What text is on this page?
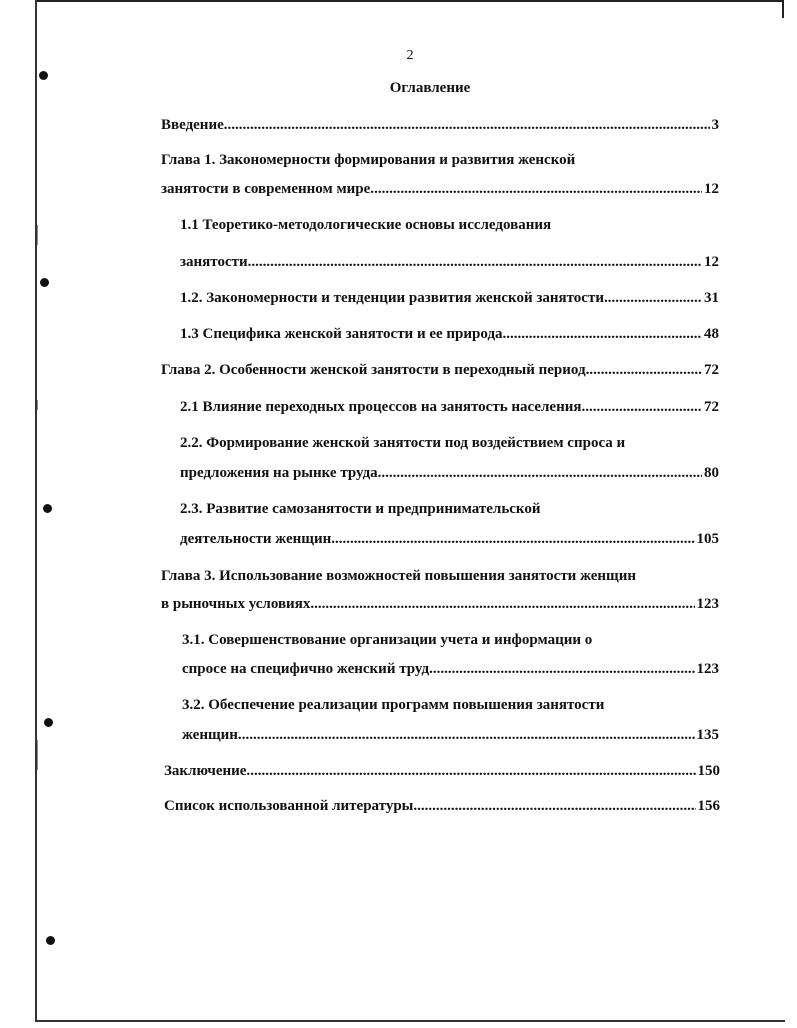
2
Оглавление
Введение .....	3
Глава 1. Закономерности формирования и развития женской
занятости в современном мире. .....	12
1.1 Теоретико-методологические основы исследования
занятости. .....	12
1.2. Закономерности и тенденции развития женской занятости. .....	31
1.3 Специфика женской занятости и ее природа. .....	48
Глава 2. Особенности женской занятости в переходный период .....	72
2.1 Влияние переходных процессов на занятость населения. .....	72
2.2. Формирование женской занятости под воздействием спроса и
предложения на рынке труда .....	80
2.3. Развитие самозанятости и предпринимательской
деятельности женщин .....	105
Глава 3. Использование возможностей повышения занятости женщин
в рыночных условиях .....	123
3.1. Совершенствование организации учета и информации о
спросе на специфично женский труд .....	123
3.2. Обеспечение реализации программ повышения занятости
женщин. .....	135
Заключение. .....	150
Список использованной литературы .....	156
